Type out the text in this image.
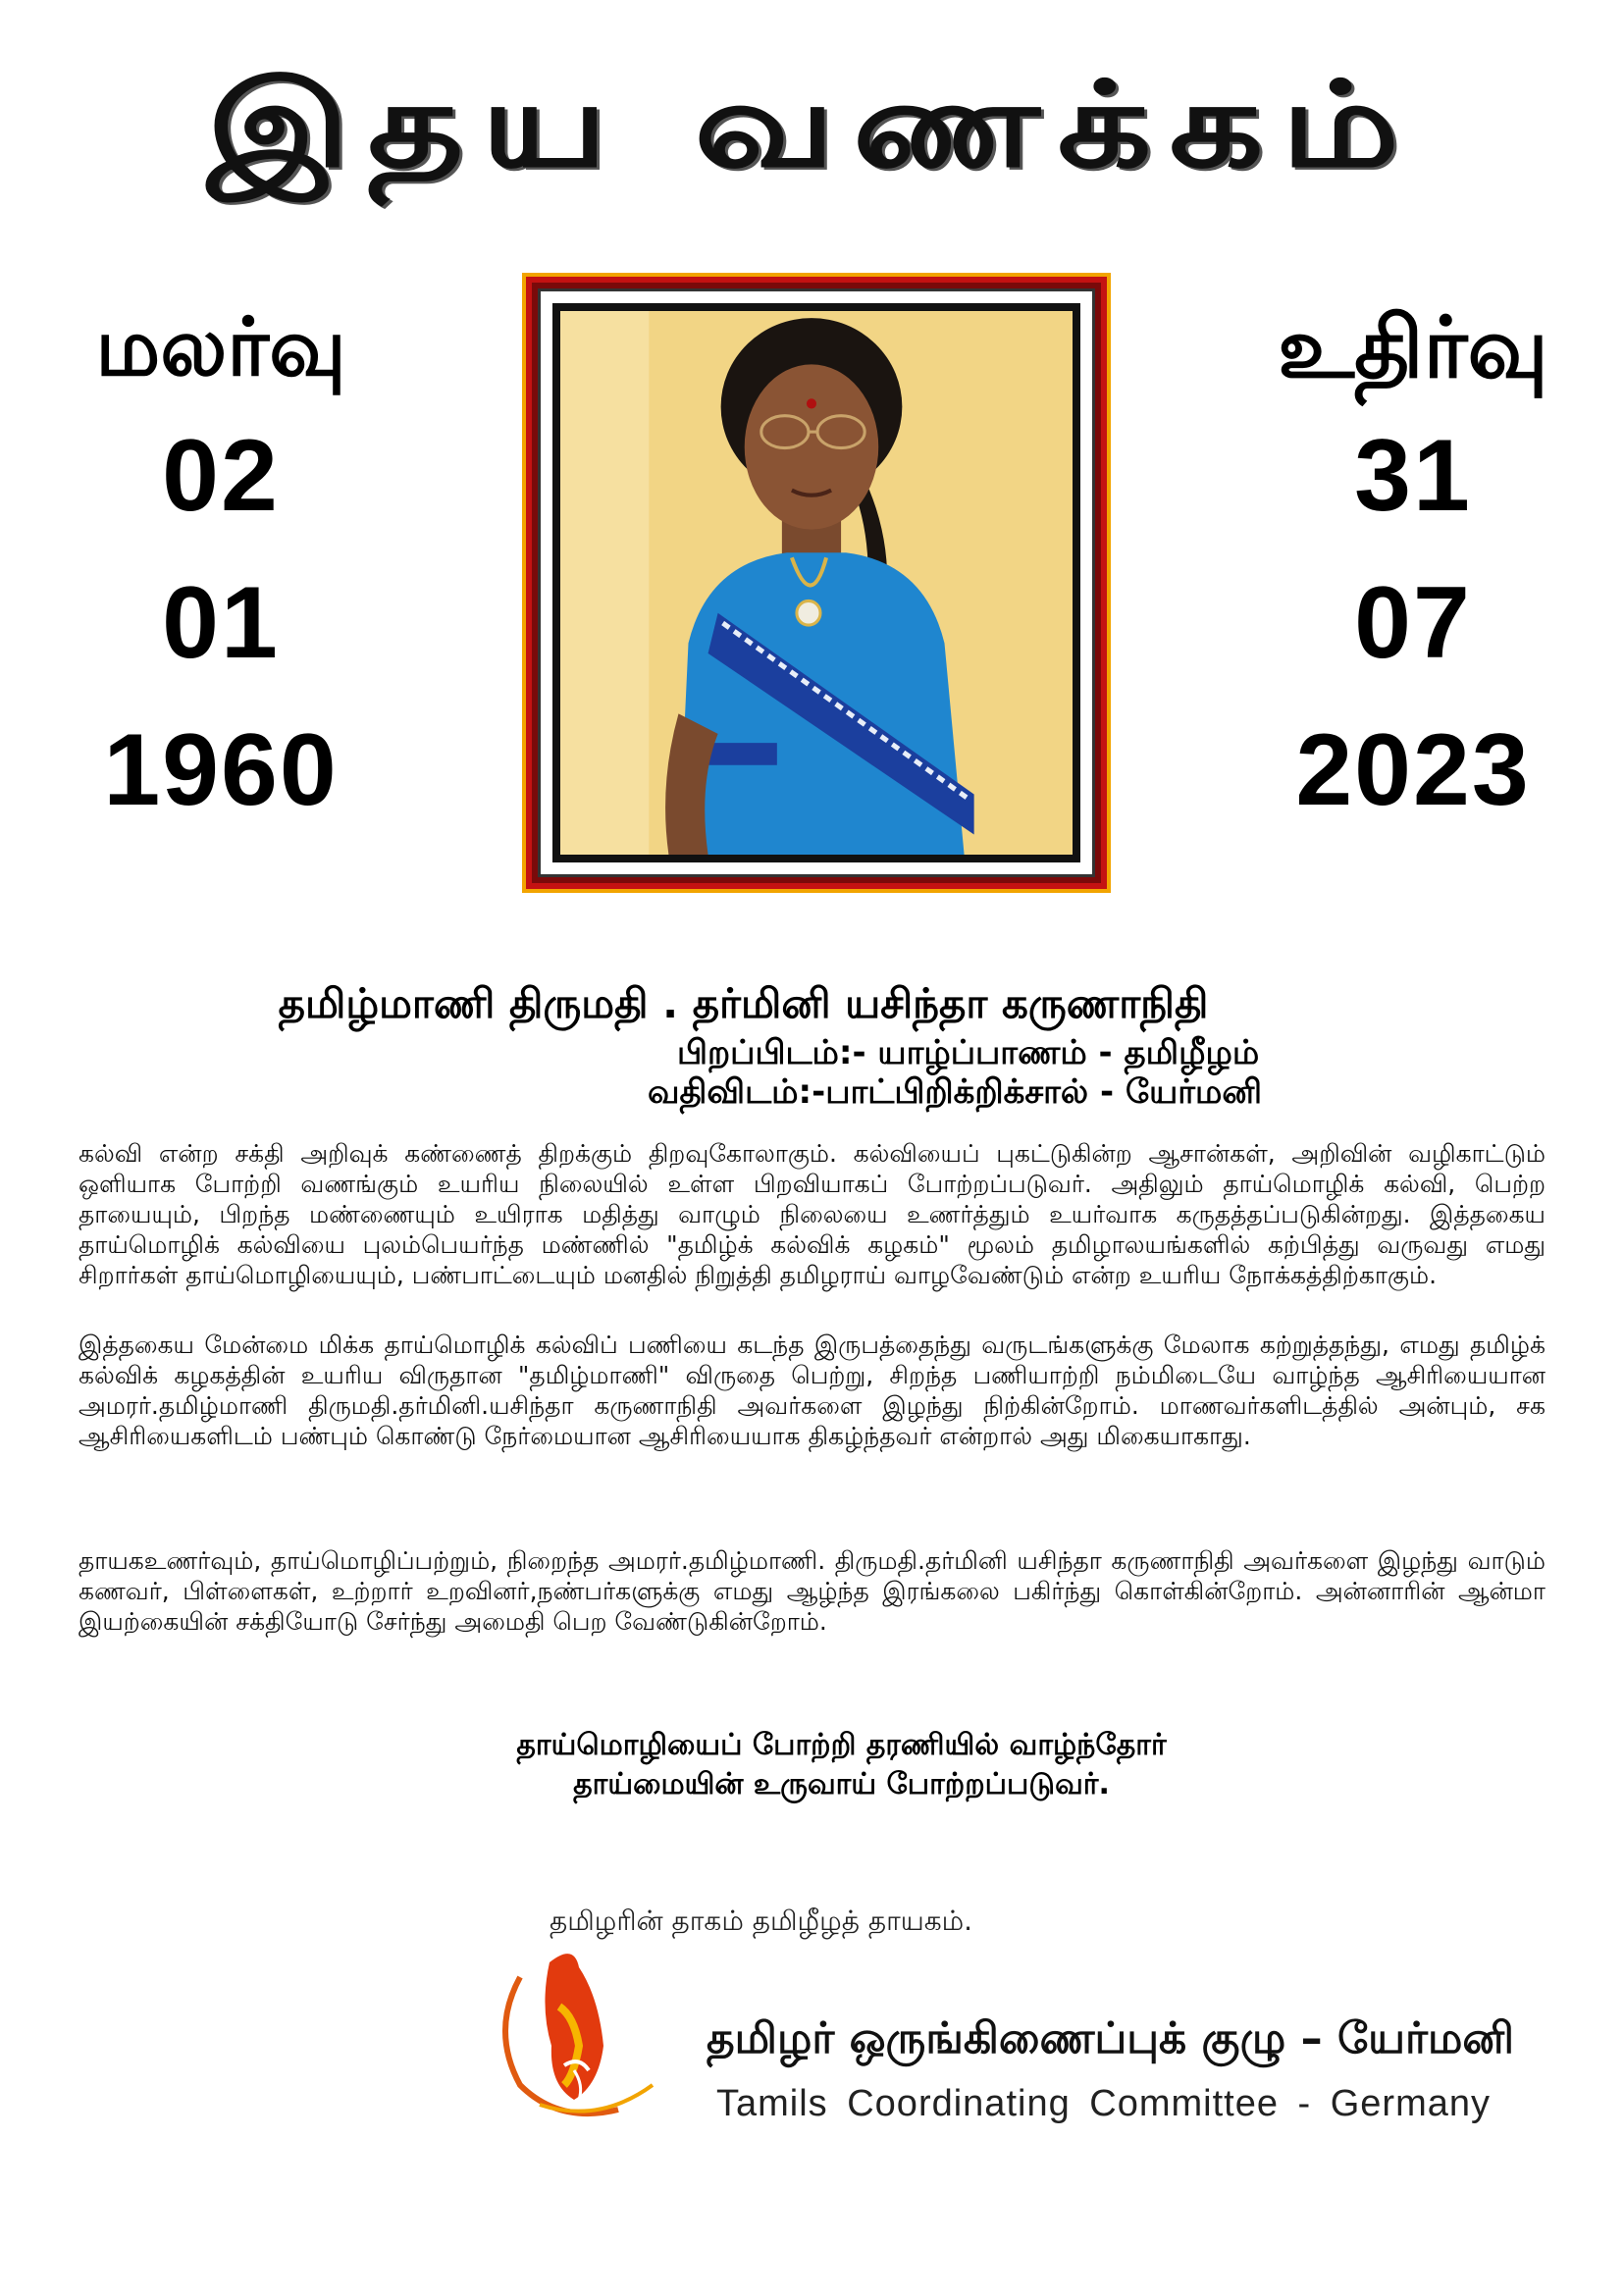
இதய வணக்கம்
மலர்வு
02
01
1960
உதிர்வு
31
07
2023
தமிழ்மாணி திருமதி . தர்மினி யசிந்தா கருணாநிதி
பிறப்பிடம்:- யாழ்ப்பாணம் - தமிழீழம்
வதிவிடம்:-பாட்பிறிக்றிக்சால் - யேர்மனி
கல்வி என்ற சக்தி அறிவுக் கண்ணைத் திறக்கும் திறவுகோலாகும். கல்வியைப் புகட்டுகின்ற ஆசான்கள், அறிவின் வழிகாட்டும் ஒளியாக போற்றி வணங்கும் உயரிய நிலையில் உள்ள பிறவியாகப் போற்றப்படுவர். அதிலும் தாய்மொழிக் கல்வி, பெற்ற தாயையும், பிறந்த மண்ணையும் உயிராக மதித்து வாழும் நிலையை உணர்த்தும் உயர்வாக கருதத்தப்படுகின்றது. இத்தகைய தாய்மொழிக் கல்வியை புலம்பெயர்ந்த மண்ணில் "தமிழ்க் கல்விக் கழகம்" மூலம் தமிழாலயங்களில் கற்பித்து வருவது எமது சிறார்கள் தாய்மொழியையும், பண்பாட்டையும் மனதில் நிறுத்தி தமிழராய் வாழவேண்டும் என்ற உயரிய நோக்கத்திற்காகும்.
இத்தகைய மேன்மை மிக்க தாய்மொழிக் கல்விப் பணியை கடந்த இருபத்தைந்து வருடங்களுக்கு மேலாக கற்றுத்தந்து, எமது தமிழ்க் கல்விக் கழகத்தின் உயரிய விருதான "தமிழ்மாணி" விருதை பெற்று, சிறந்த பணியாற்றி நம்மிடையே வாழ்ந்த ஆசிரியையான அமரர்.தமிழ்மாணி திருமதி.தர்மினி.யசிந்தா கருணாநிதி அவர்களை இழந்து நிற்கின்றோம். மாணவர்களிடத்தில் அன்பும், சக ஆசிரியைகளிடம் பண்பும் கொண்டு நேர்மையான ஆசிரியையாக திகழ்ந்தவர் என்றால் அது மிகையாகாது.
தாயகஉணர்வும், தாய்மொழிப்பற்றும், நிறைந்த அமரர்.தமிழ்மாணி. திருமதி.தர்மினி யசிந்தா கருணாநிதி அவர்களை இழந்து வாடும் கணவர், பிள்ளைகள், உற்றார் உறவினர்,நண்பர்களுக்கு எமது ஆழ்ந்த இரங்கலை பகிர்ந்து கொள்கின்றோம். அன்னாரின் ஆன்மா இயற்கையின் சக்தியோடு சேர்ந்து அமைதி பெற வேண்டுகின்றோம்.
தாய்மொழியைப் போற்றி தரணியில் வாழ்ந்தோர்
தாய்மையின் உருவாய் போற்றப்படுவர்.
தமிழரின் தாகம் தமிழீழத் தாயகம்.
தமிழர் ஒருங்கிணைப்புக் குழு – யேர்மனி
Tamils Coordinating Committee - Germany
